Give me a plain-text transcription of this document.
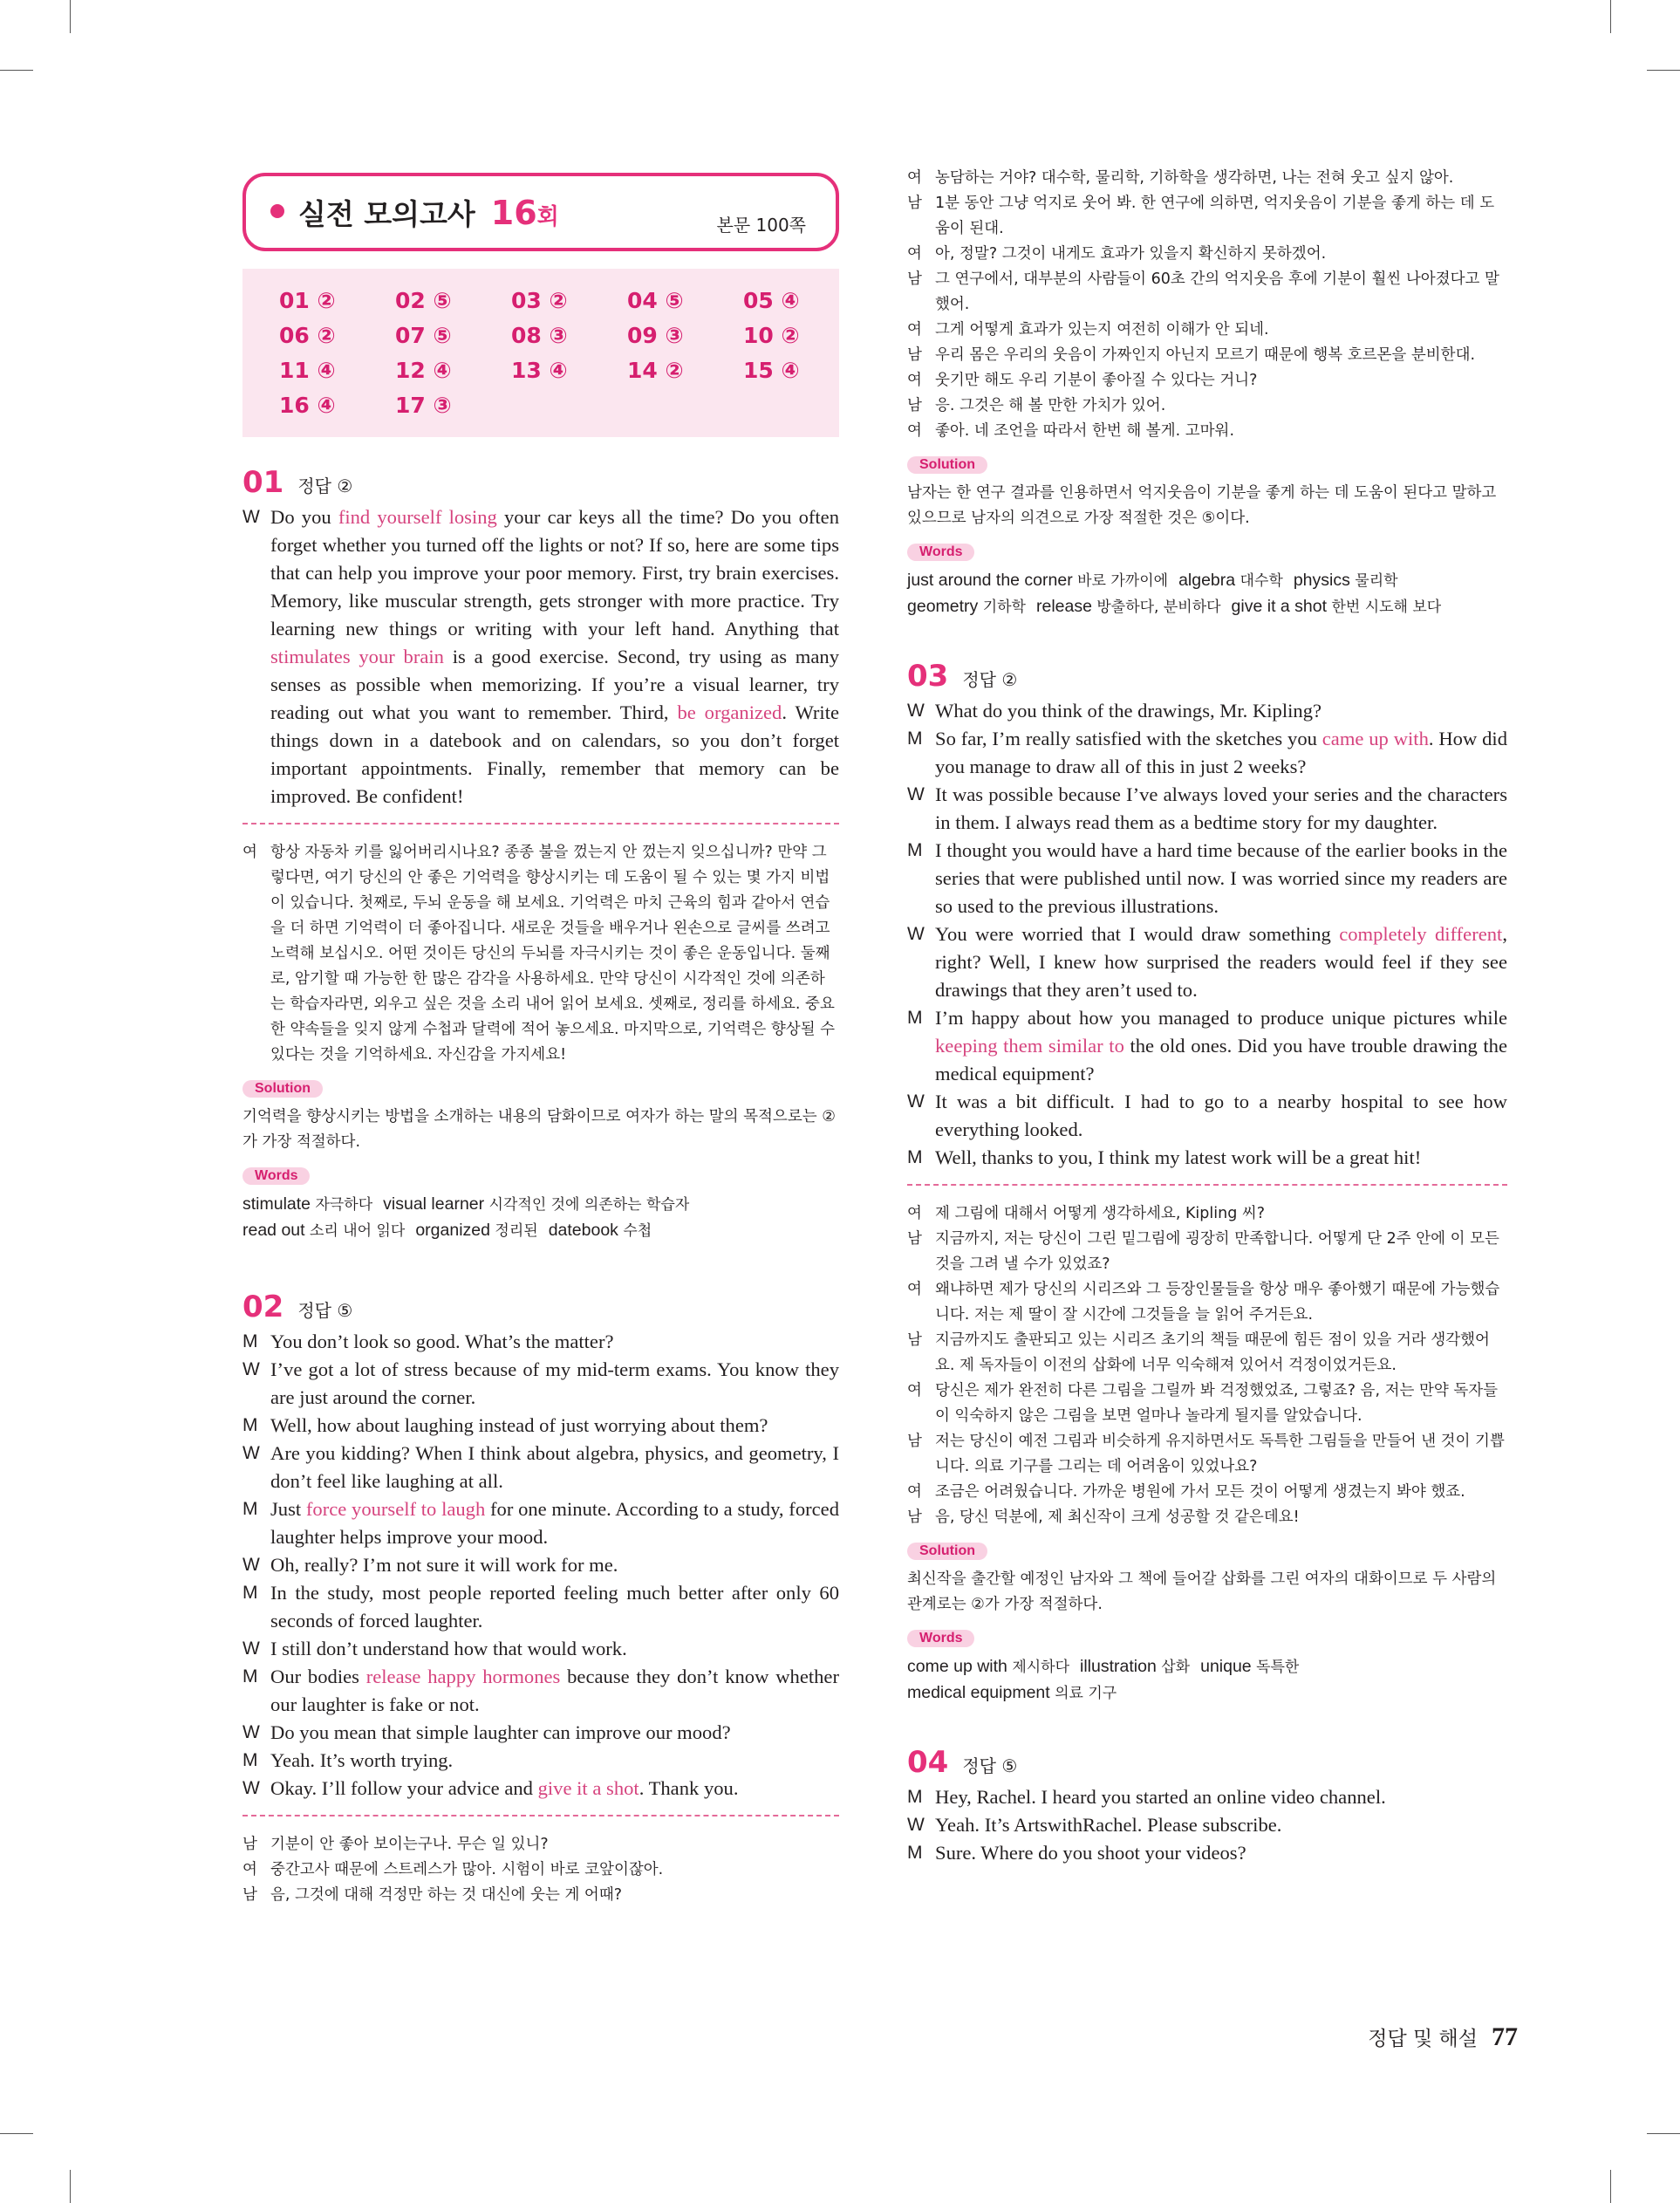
실전 모의고사 16회	본문 100쪽
01 ②	02 ⑤	03 ②	04 ⑤	05 ④
06 ②	07 ⑤	08 ③	09 ③	10 ②
11 ④	12 ④	13 ④	14 ②	15 ④
16 ④	17 ③
01 정답 ②
W Do you find yourself losing your car keys all the time? Do you often forget whether you turned off the lights or not? If so, here are some tips that can help you improve your poor memory. First, try brain exercises. Memory, like muscular strength, gets stronger with more practice. Try learning new things or writing with your left hand. Anything that stimulates your brain is a good exercise. Second, try using as many senses as possible when memorizing. If you’re a visual learner, try reading out what you want to remember. Third, be organized. Write things down in a datebook and on calendars, so you don’t forget important appointments. Finally, remember that memory can be improved. Be confident!
여 항상 자동차 키를 잃어버리시나요? 종종 불을 껐는지 안 껐는지 잊으십니까? 만약 그렇다면, 여기 당신의 안 좋은 기억력을 향상시키는 데 도움이 될 수 있는 몇 가지 비법이 있습니다. 첫째로, 두뇌 운동을 해 보세요. 기억력은 마치 근육의 힘과 같아서 연습을 더 하면 기억력이 더 좋아집니다. 새로운 것들을 배우거나 왼손으로 글씨를 쓰려고 노력해 보십시오. 어떤 것이든 당신의 두뇌를 자극시키는 것이 좋은 운동입니다. 둘째로, 암기할 때 가능한 한 많은 감각을 사용하세요. 만약 당신이 시각적인 것에 의존하는 학습자라면, 외우고 싶은 것을 소리 내어 읽어 보세요. 셋째로, 정리를 하세요. 중요한 약속들을 잊지 않게 수첩과 달력에 적어 놓으세요. 마지막으로, 기억력은 향상될 수 있다는 것을 기억하세요. 자신감을 가지세요!
Solution
기억력을 향상시키는 방법을 소개하는 내용의 담화이므로 여자가 하는 말의 목적으로는 ②가 가장 적절하다.
Words
stimulate 자극하다 visual learner 시각적인 것에 의존하는 학습자
read out 소리 내어 읽다 organized 정리된 datebook 수첩
02 정답 ⑤
M You don’t look so good. What’s the matter?
W I’ve got a lot of stress because of my mid-term exams. You know they are just around the corner.
M Well, how about laughing instead of just worrying about them?
W Are you kidding? When I think about algebra, physics, and geometry, I don’t feel like laughing at all.
M Just force yourself to laugh for one minute. According to a study, forced laughter helps improve your mood.
W Oh, really? I’m not sure it will work for me.
M In the study, most people reported feeling much better after only 60 seconds of forced laughter.
W I still don’t understand how that would work.
M Our bodies release happy hormones because they don’t know whether our laughter is fake or not.
W Do you mean that simple laughter can improve our mood?
M Yeah. It’s worth trying.
W Okay. I’ll follow your advice and give it a shot. Thank you.
남 기분이 안 좋아 보이는구나. 무슨 일 있니?
여 중간고사 때문에 스트레스가 많아. 시험이 바로 코앞이잖아.
남 음, 그것에 대해 걱정만 하는 것 대신에 웃는 게 어때?
여 농담하는 거야? 대수학, 물리학, 기하학을 생각하면, 나는 전혀 웃고 싶지 않아.
남 1분 동안 그냥 억지로 웃어 봐. 한 연구에 의하면, 억지웃음이 기분을 좋게 하는 데 도움이 된대.
여 아, 정말? 그것이 내게도 효과가 있을지 확신하지 못하겠어.
남 그 연구에서, 대부분의 사람들이 60초 간의 억지웃음 후에 기분이 훨씬 나아졌다고 말했어.
여 그게 어떻게 효과가 있는지 여전히 이해가 안 되네.
남 우리 몸은 우리의 웃음이 가짜인지 아닌지 모르기 때문에 행복 호르몬을 분비한대.
여 웃기만 해도 우리 기분이 좋아질 수 있다는 거니?
남 응. 그것은 해 볼 만한 가치가 있어.
여 좋아. 네 조언을 따라서 한번 해 볼게. 고마워.
Solution
남자는 한 연구 결과를 인용하면서 억지웃음이 기분을 좋게 하는 데 도움이 된다고 말하고 있으므로 남자의 의견으로 가장 적절한 것은 ⑤이다.
Words
just around the corner 바로 가까이에 algebra 대수학 physics 물리학
geometry 기하학 release 방출하다, 분비하다 give it a shot 한번 시도해 보다
03 정답 ②
W What do you think of the drawings, Mr. Kipling?
M So far, I’m really satisfied with the sketches you came up with. How did you manage to draw all of this in just 2 weeks?
W It was possible because I’ve always loved your series and the characters in them. I always read them as a bedtime story for my daughter.
M I thought you would have a hard time because of the earlier books in the series that were published until now. I was worried since my readers are so used to the previous illustrations.
W You were worried that I would draw something completely different, right? Well, I knew how surprised the readers would feel if they see drawings that they aren’t used to.
M I’m happy about how you managed to produce unique pictures while keeping them similar to the old ones. Did you have trouble drawing the medical equipment?
W It was a bit difficult. I had to go to a nearby hospital to see how everything looked.
M Well, thanks to you, I think my latest work will be a great hit!
여 제 그림에 대해서 어떻게 생각하세요, Kipling 씨?
남 지금까지, 저는 당신이 그린 밑그림에 굉장히 만족합니다. 어떻게 단 2주 안에 이 모든 것을 그려 낼 수가 있었죠?
여 왜냐하면 제가 당신의 시리즈와 그 등장인물들을 항상 매우 좋아했기 때문에 가능했습니다. 저는 제 딸이 잘 시간에 그것들을 늘 읽어 주거든요.
남 지금까지도 출판되고 있는 시리즈 초기의 책들 때문에 힘든 점이 있을 거라 생각했어요. 제 독자들이 이전의 삽화에 너무 익숙해져 있어서 걱정이었거든요.
여 당신은 제가 완전히 다른 그림을 그릴까 봐 걱정했었죠, 그렇죠? 음, 저는 만약 독자들이 익숙하지 않은 그림을 보면 얼마나 놀라게 될지를 알았습니다.
남 저는 당신이 예전 그림과 비슷하게 유지하면서도 독특한 그림들을 만들어 낸 것이 기쁩니다. 의료 기구를 그리는 데 어려움이 있었나요?
여 조금은 어려웠습니다. 가까운 병원에 가서 모든 것이 어떻게 생겼는지 봐야 했죠.
남 음, 당신 덕분에, 제 최신작이 크게 성공할 것 같은데요!
Solution
최신작을 출간할 예정인 남자와 그 책에 들어갈 삽화를 그린 여자의 대화이므로 두 사람의 관계로는 ②가 가장 적절하다.
Words
come up with 제시하다 illustration 삽화 unique 독특한
medical equipment 의료 기구
04 정답 ⑤
M Hey, Rachel. I heard you started an online video channel.
W Yeah. It’s ArtswithRachel. Please subscribe.
M Sure. Where do you shoot your videos?
정답 및 해설 77
